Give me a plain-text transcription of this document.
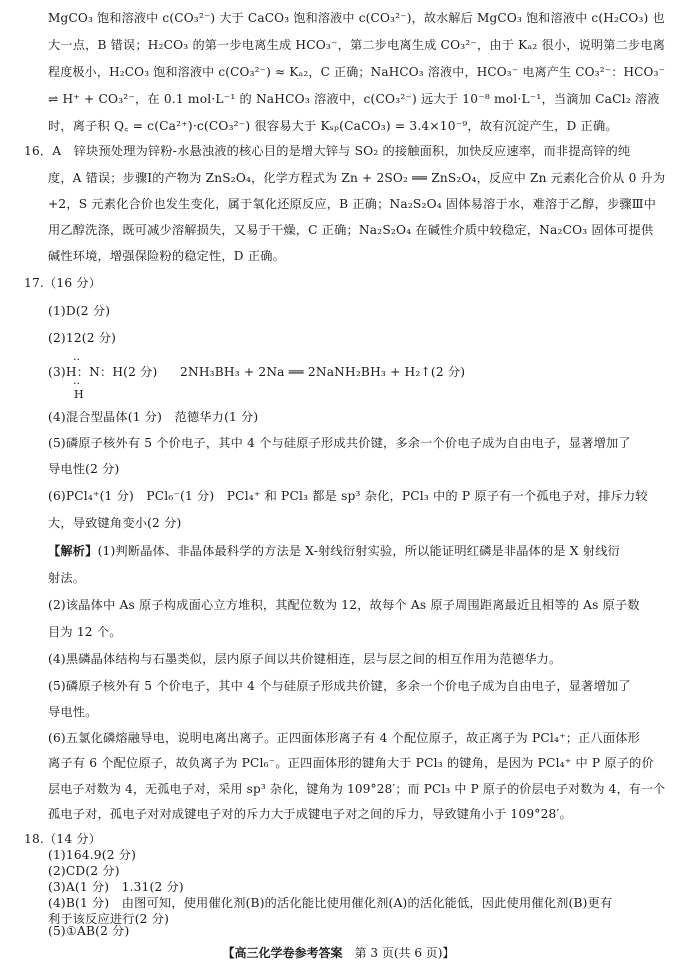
MgCO₃ 饱和溶液中 c(CO₃²⁻) 大于 CaCO₃ 饱和溶液中 c(CO₃²⁻)，故水解后 MgCO₃ 饱和溶液中 c(H₂CO₃) 也
大一点，B 错误；H₂CO₃ 的第一步电离生成 HCO₃⁻，第二步电离生成 CO₃²⁻，由于 Kₐ₂ 很小，说明第二步电离
程度极小，H₂CO₃ 饱和溶液中 c(CO₃²⁻) ≈ Kₐ₂，C 正确；NaHCO₃ 溶液中，HCO₃⁻ 电离产生 CO₃²⁻：HCO₃⁻
⇌ H⁺ + CO₃²⁻，在 0.1 mol·L⁻¹ 的 NaHCO₃ 溶液中，c(CO₃²⁻) 远大于 10⁻⁸ mol·L⁻¹，当滴加 CaCl₂ 溶液
时，离子积 Q꜀ = c(Ca²⁺)·c(CO₃²⁻) 很容易大于 Kₛₚ(CaCO₃) = 3.4×10⁻⁹，故有沉淀产生，D 正确。
16．A　锌块预处理为锌粉-水悬浊液的核心目的是增大锌与 SO₂ 的接触面积，加快反应速率，而非提高锌的纯
度，A 错误；步骤Ⅰ的产物为 ZnS₂O₄，化学方程式为 Zn + 2SO₂ ══ ZnS₂O₄，反应中 Zn 元素化合价从 0 升为
+2，S 元素化合价也发生变化，属于氧化还原反应，B 正确；Na₂S₂O₄ 固体易溶于水，难溶于乙醇，步骤Ⅲ中
用乙醇洗涤，既可减少溶解损失，又易于干燥，C 正确；Na₂S₂O₄ 在碱性介质中较稳定，Na₂CO₃ 固体可提供
碱性环境，增强保险粉的稳定性，D 正确。
17.（16 分）
(1)D(2 分)
(2)12(2 分)
··
(3)H：N：H(2 分)
··
H
2NH₃BH₃ + 2Na ══ 2NaNH₂BH₃ + H₂↑(2 分)
(4)混合型晶体(1 分)　范德华力(1 分)
(5)磷原子核外有 5 个价电子，其中 4 个与硅原子形成共价键，多余一个价电子成为自由电子，显著增加了
导电性(2 分)
(6)PCl₄⁺(1 分)　PCl₆⁻(1 分)　PCl₄⁺ 和 PCl₃ 都是 sp³ 杂化，PCl₃ 中的 P 原子有一个孤电子对，排斥力较
大，导致键角变小(2 分)
【解析】(1)判断晶体、非晶体最科学的方法是 X-射线衍射实验，所以能证明红磷是非晶体的是 X 射线衍
射法。
(2)该晶体中 As 原子构成面心立方堆积，其配位数为 12，故每个 As 原子周围距离最近且相等的 As 原子数
目为 12 个。
(4)黑磷晶体结构与石墨类似，层内原子间以共价键相连，层与层之间的相互作用为范德华力。
(5)磷原子核外有 5 个价电子，其中 4 个与硅原子形成共价键，多余一个价电子成为自由电子，显著增加了
导电性。
(6)五氯化磷熔融导电，说明电离出离子。正四面体形离子有 4 个配位原子，故正离子为 PCl₄⁺；正八面体形
离子有 6 个配位原子，故负离子为 PCl₆⁻。正四面体形的键角大于 PCl₃ 的键角，是因为 PCl₄⁺ 中 P 原子的价
层电子对数为 4，无孤电子对，采用 sp³ 杂化，键角为 109°28′；而 PCl₃ 中 P 原子的价层电子对数为 4，有一个
孤电子对，孤电子对对成键电子对的斥力大于成键电子对之间的斥力，导致键角小于 109°28′。
18.（14 分）
(1)164.9(2 分)
(2)CD(2 分)
(3)A(1 分)　1.31(2 分)
(4)B(1 分)　由图可知，使用催化剂(B)的活化能比使用催化剂(A)的活化能低，因此使用催化剂(B)更有
利于该反应进行(2 分)
(5)①AB(2 分)
【高三化学卷参考答案　 第 3 页(共 6 页)】
